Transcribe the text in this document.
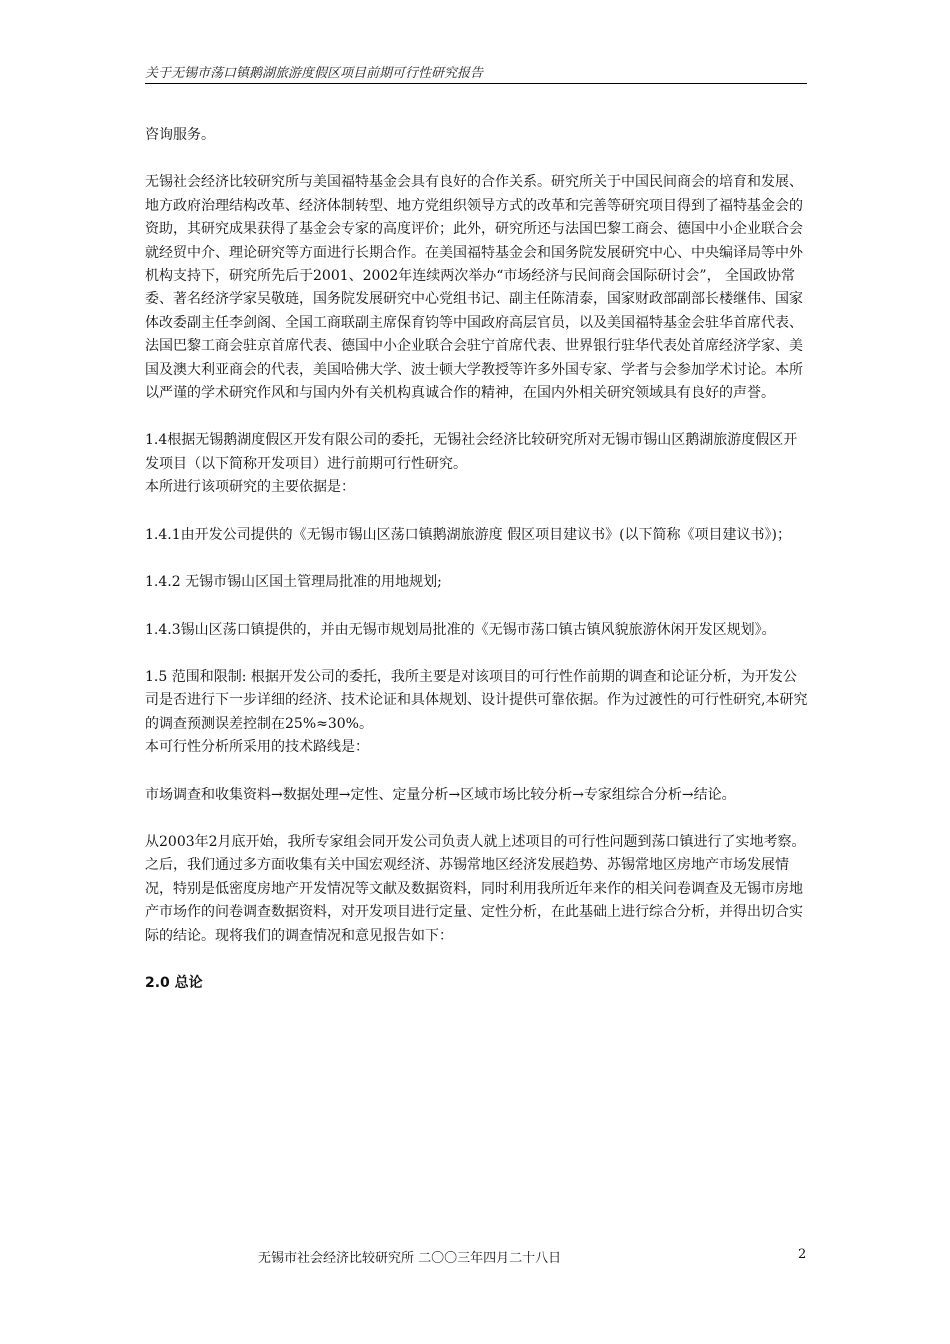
关于无锡市荡口镇鹅湖旅游度假区项目前期可行性研究报告

咨询服务。

无锡社会经济比较研究所与美国福特基金会具有良好的合作关系。研究所关于中国民间商会的培育和发展、地方政府治理结构改革、经济体制转型、地方党组织领导方式的改革和完善等研究项目得到了福特基金会的资助，其研究成果获得了基金会专家的高度评价；此外，研究所还与法国巴黎工商会、德国中小企业联合会就经贸中介、理论研究等方面进行长期合作。在美国福特基金会和国务院发展研究中心、中央编译局等中外机构支持下，研究所先后于2001、2002年连续两次举办“市场经济与民间商会国际研讨会”， 全国政协常委、著名经济学家吴敬琏，国务院发展研究中心党组书记、副主任陈清泰，国家财政部副部长楼继伟、国家体改委副主任李剑阁、全国工商联副主席保育钧等中国政府高层官员，以及美国福特基金会驻华首席代表、法国巴黎工商会驻京首席代表、德国中小企业联合会驻宁首席代表、世界银行驻华代表处首席经济学家、美国及澳大利亚商会的代表，美国哈佛大学、波士顿大学教授等许多外国专家、学者与会参加学术讨论。本所以严谨的学术研究作风和与国内外有关机构真诚合作的精神，在国内外相关研究领域具有良好的声誉。

1.4根据无锡鹅湖度假区开发有限公司的委托，无锡社会经济比较研究所对无锡市锡山区鹅湖旅游度假区开发项目（以下简称开发项目）进行前期可行性研究。

本所进行该项研究的主要依据是：

1.4.1由开发公司提供的《无锡市锡山区荡口镇鹅湖旅游度 假区项目建议书》(以下简称《项目建议书》)；

1.4.2 无锡市锡山区国土管理局批准的用地规划;

1.4.3锡山区荡口镇提供的，并由无锡市规划局批准的《无锡市荡口镇古镇风貌旅游休闲开发区规划》。

1.5 范围和限制: 根据开发公司的委托，我所主要是对该项目的可行性作前期的调查和论证分析，为开发公司是否进行下一步详细的经济、技术论证和具体规划、设计提供可靠依据。作为过渡性的可行性研究,本研究的调查预测误差控制在25%≈30%。

本可行性分析所采用的技术路线是：

市场调查和收集资料→数据处理→定性、定量分析→区域市场比较分析→专家组综合分析→结论。

从2003年2月底开始，我所专家组会同开发公司负责人就上述项目的可行性问题到荡口镇进行了实地考察。之后，我们通过多方面收集有关中国宏观经济、苏锡常地区经济发展趋势、苏锡常地区房地产市场发展情况，特别是低密度房地产开发情况等文献及数据资料，同时利用我所近年来作的相关问卷调查及无锡市房地产市场作的问卷调查数据资料，对开发项目进行定量、定性分析，在此基础上进行综合分析，并得出切合实际的结论。现将我们的调查情况和意见报告如下：

2.0 总论

无锡市社会经济比较研究所 二〇〇三年四月二十八日	2
